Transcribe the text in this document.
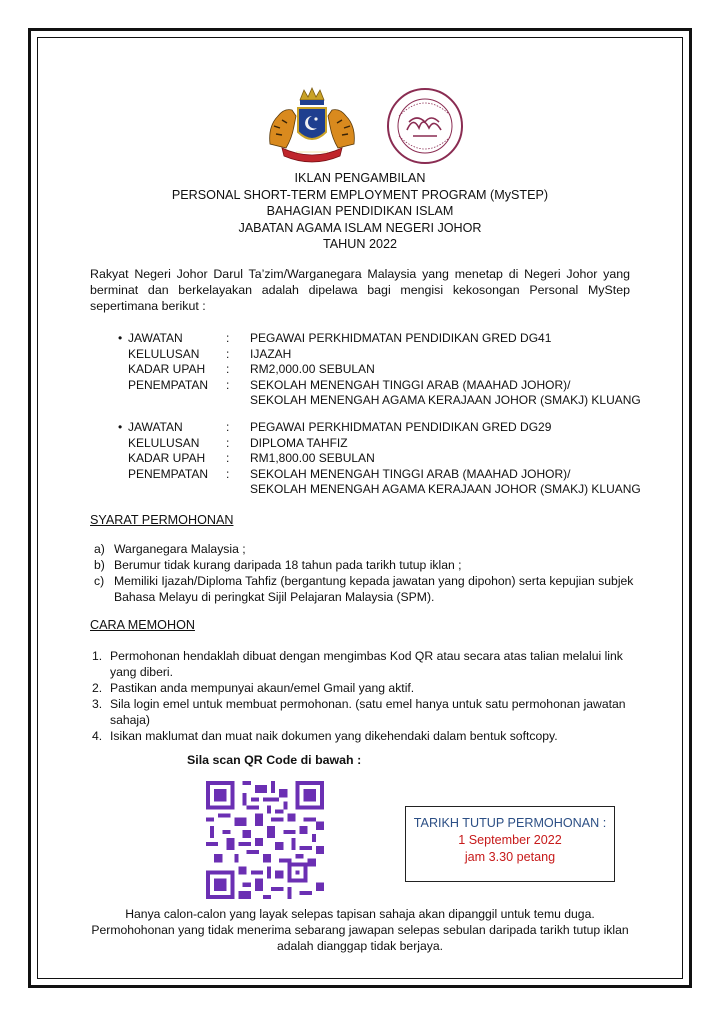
IKLAN PENGAMBILAN
PERSONAL SHORT-TERM EMPLOYMENT PROGRAM (MySTEP)
BAHAGIAN PENDIDIKAN ISLAM
JABATAN AGAMA ISLAM NEGERI JOHOR
TAHUN 2022
Rakyat Negeri Johor Darul Ta’zim/Warganegara Malaysia yang menetap di Negeri Johor yang berminat dan berkelayakan adalah dipelawa bagi mengisi kekosongan Personal MyStep sepertimana berikut :
• JAWATAN	:	PEGAWAI PERKHIDMATAN PENDIDIKAN GRED DG41
KELULUSAN	:	IJAZAH
KADAR UPAH	:	RM2,000.00 SEBULAN
PENEMPATAN	:	SEKOLAH MENENGAH TINGGI ARAB (MAAHAD JOHOR)/
SEKOLAH MENENGAH AGAMA KERAJAAN JOHOR (SMAKJ) KLUANG
• JAWATAN	:	PEGAWAI PERKHIDMATAN PENDIDIKAN GRED DG29
KELULUSAN	:	DIPLOMA TAHFIZ
KADAR UPAH	:	RM1,800.00 SEBULAN
PENEMPATAN	:	SEKOLAH MENENGAH TINGGI ARAB (MAAHAD JOHOR)/
SEKOLAH MENENGAH AGAMA KERAJAAN JOHOR (SMAKJ) KLUANG
SYARAT PERMOHONAN
a) Warganegara Malaysia ;
b) Berumur tidak kurang daripada 18 tahun pada tarikh tutup iklan ;
c) Memiliki Ijazah/Diploma Tahfiz (bergantung kepada jawatan yang dipohon) serta kepujian subjek Bahasa Melayu di peringkat Sijil Pelajaran Malaysia (SPM).
CARA MEMOHON
1. Permohonan hendaklah dibuat dengan mengimbas Kod QR atau secara atas talian melalui link yang diberi.
2. Pastikan anda mempunyai akaun/emel Gmail yang aktif.
3. Sila login emel untuk membuat permohonan. (satu emel hanya untuk satu permohonan jawatan sahaja)
4. Isikan maklumat dan muat naik dokumen yang dikehendaki dalam bentuk softcopy.
Sila scan QR Code di bawah :
TARIKH TUTUP PERMOHONAN :
1 September 2022
jam 3.30 petang
Hanya calon-calon yang layak selepas tapisan sahaja akan dipanggil untuk temu duga.
Permohohonan yang tidak menerima sebarang jawapan selepas sebulan daripada tarikh tutup iklan adalah dianggap tidak berjaya.
